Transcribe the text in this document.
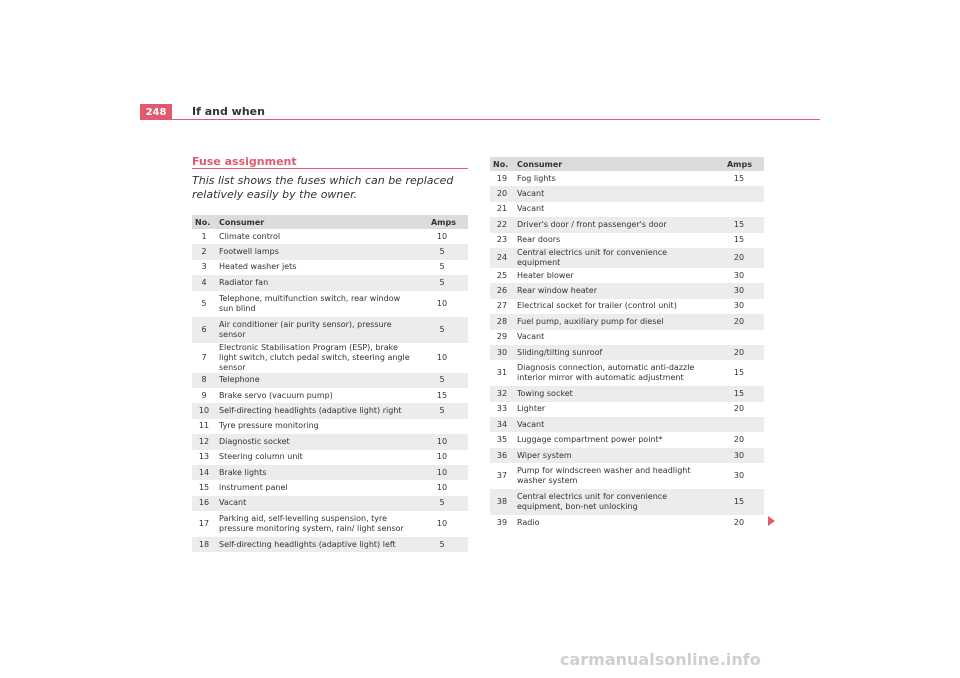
248	If and when
Fuse assignment
This list shows the fuses which can be replaced relatively easily by the owner.
No.	Consumer	Amps
1	Climate control	10
2	Footwell lamps	5
3	Heated washer jets	5
4	Radiator fan	5
5	Telephone, multifunction switch, rear window sun blind	10
6	Air conditioner (air purity sensor), pressure sensor	5
7	Electronic Stabilisation Program (ESP), brake light switch, clutch pedal switch, steering angle sensor	10
8	Telephone	5
9	Brake servo (vacuum pump)	15
10	Self-directing headlights (adaptive light) right	5
11	Tyre pressure monitoring	
12	Diagnostic socket	10
13	Steering column unit	10
14	Brake lights	10
15	instrument panel	10
16	Vacant	5
17	Parking aid, self-levelling suspension, tyre pressure monitoring system, rain/ light sensor	10
18	Self-directing headlights (adaptive light) left	5
No.	Consumer	Amps
19	Fog lights	15
20	Vacant	
21	Vacant	
22	Driver's door / front passenger's door	15
23	Rear doors	15
24	Central electrics unit for convenience equipment	20
25	Heater blower	30
26	Rear window heater	30
27	Electrical socket for trailer (control unit)	30
28	Fuel pump, auxiliary pump for diesel	20
29	Vacant	
30	Sliding/tilting sunroof	20
31	Diagnosis connection, automatic anti-dazzle interior mirror with automatic adjustment	15
32	Towing socket	15
33	Lighter	20
34	Vacant	
35	Luggage compartment power point*	20
36	Wiper system	30
37	Pump for windscreen washer and headlight washer system	30
38	Central electrics unit for convenience equipment, bon-net unlocking	15
39	Radio	20
carmanualsonline.info
